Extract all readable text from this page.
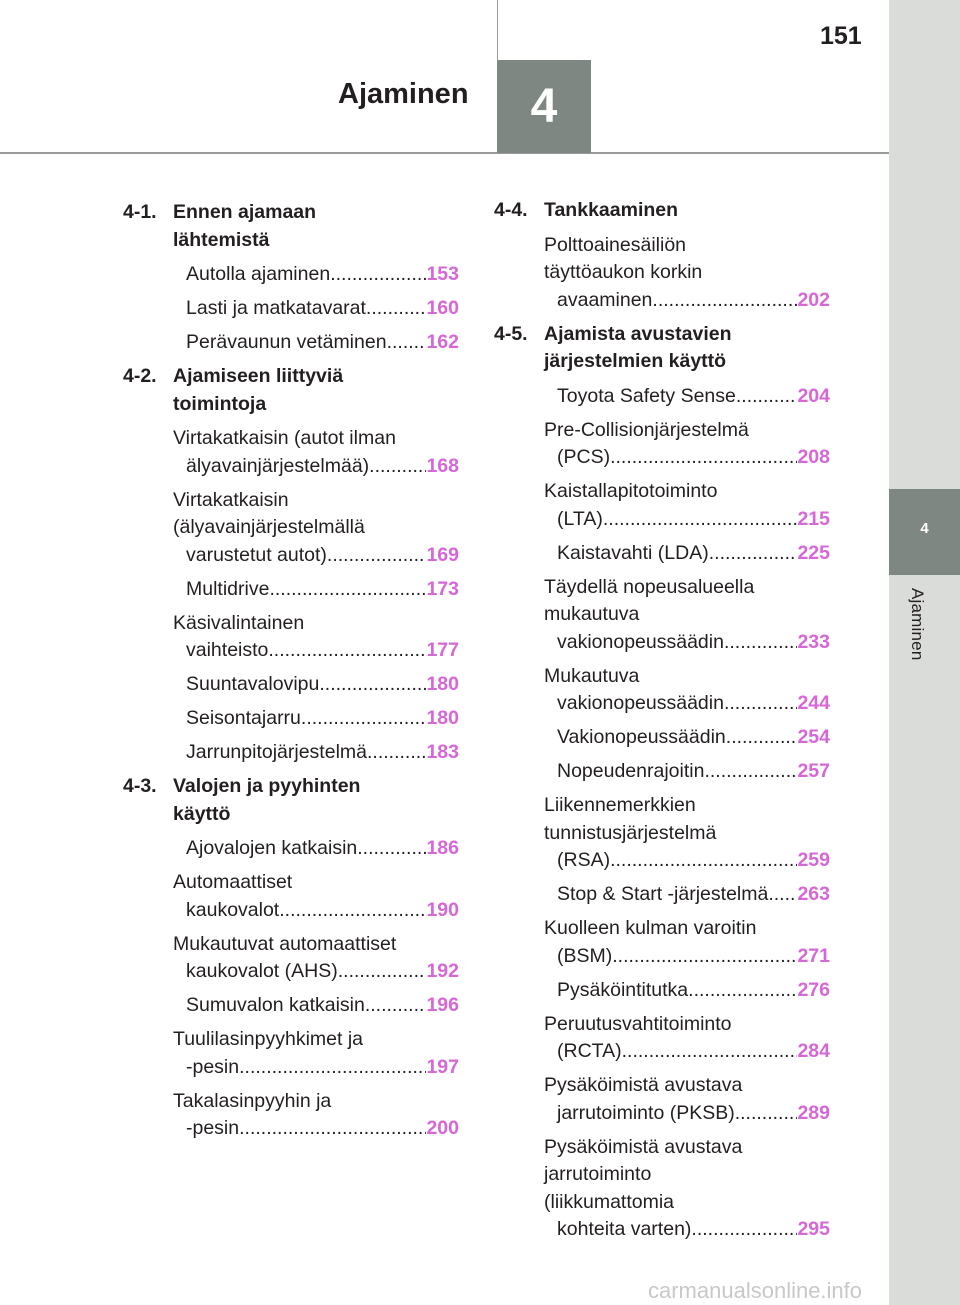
4
Ajaminen
4
Ajaminen
151
4-1. Ennen ajamaan
lähtemistä
Autolla ajaminen .....	153
Lasti ja matkatavarat .....	160
Perävaunun vetäminen ..... 162
4-2. Ajamiseen liittyviä
toimintoja
Virtakatkaisin (autot ilman
älyavainjärjestelmää) .....	168
Virtakatkaisin
(älyavainjärjestelmällä
varustetut autot) .....	169
Multidrive .....	173
Käsivalintainen
vaihteisto .....	177
Suuntavalovipu .....	180
Seisontajarru .....	180
Jarrunpitojärjestelmä .....	183
4-3. Valojen ja pyyhinten
käyttö
Ajovalojen katkaisin .....	186
Automaattiset
kaukovalot .....	190
Mukautuvat automaattiset
kaukovalot (AHS) .....	192
Sumuvalon katkaisin .....	196
Tuulilasinpyyhkimet ja
-pesin .....	197
Takalasinpyyhin ja
-pesin .....	200
4-4. Tankkaaminen
Polttoainesäiliön
täyttöaukon korkin
avaaminen .....	202
4-5. Ajamista avustavien
järjestelmien käyttö
Toyota Safety Sense .....	204
Pre-Collisionjärjestelmä
(PCS) .....	208
Kaistallapitotoiminto
(LTA) .....	215
Kaistavahti (LDA) .....	225
Täydellä nopeusalueella
mukautuva
vakionopeussäädin .....	233
Mukautuva
vakionopeussäädin .....	244
Vakionopeussäädin .....	254
Nopeudenrajoitin .....	257
Liikennemerkkien
tunnistusjärjestelmä
(RSA) .....	259
Stop & Start -järjestelmä ..... 263
Kuolleen kulman varoitin
(BSM) .....	271
Pysäköintitutka .....	276
Peruutusvahtitoiminto
(RCTA) .....	284
Pysäköimistä avustava
jarrutoiminto (PKSB) .....	289
Pysäköimistä avustava
jarrutoiminto
(liikkumattomia
kohteita varten) .....	295
carmanualsonline.info
